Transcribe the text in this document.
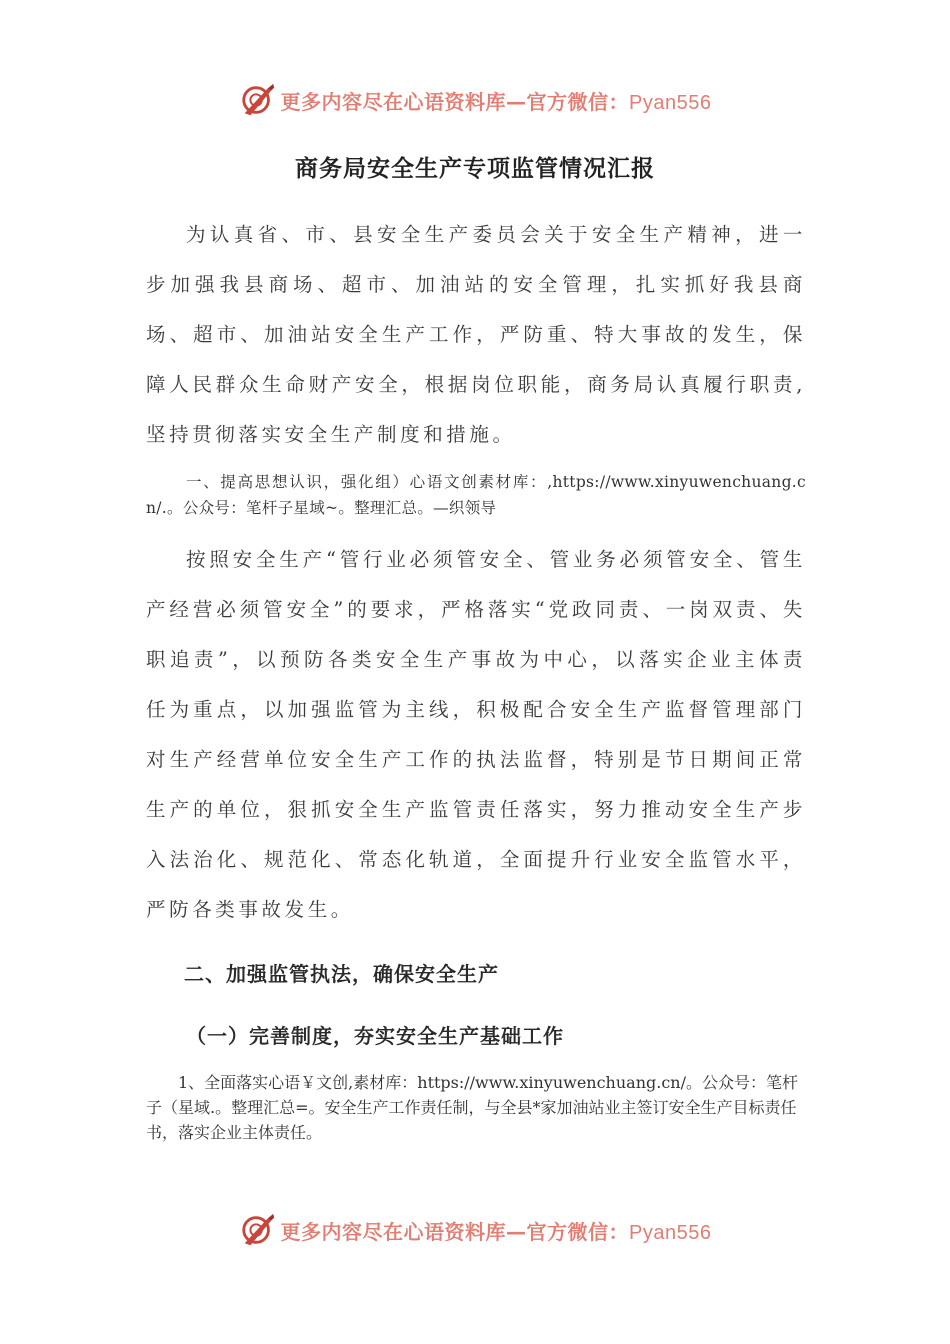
更多内容尽在心语资料库—官方微信：Pyan556
商务局安全生产专项监管情况汇报
为认真省、市、县安全生产委员会关于安全生产精神，进一步加强我县商场、超市、加油站的安全管理，扎实抓好我县商场、超市、加油站安全生产工作，严防重、特大事故的发生，保障人民群众生命财产安全，根据岗位职能，商务局认真履行职责,坚持贯彻落实安全生产制度和措施。
一、提高思想认识，强化组）心语文创素材库：,https://www.xinyuwenchuang.cn/.。公众号：笔杆子星域~。整理汇总。—织领导
按照安全生产“管行业必须管安全、管业务必须管安全、管生产经营必须管安全”的要求，严格落实“党政同责、一岗双责、失职追责”，以预防各类安全生产事故为中心，以落实企业主体责任为重点，以加强监管为主线，积极配合安全生产监督管理部门对生产经营单位安全生产工作的执法监督，特别是节日期间正常生产的单位，狠抓安全生产监管责任落实，努力推动安全生产步入法治化、规范化、常态化轨道，全面提升行业安全监管水平，严防各类事故发生。
二、加强监管执法，确保安全生产
（一）完善制度，夯实安全生产基础工作
1、全面落实心语￥文创,素材库：https://www.xinyuwenchuang.cn/。公众号：笔杆子（星域.。整理汇总=。安全生产工作责任制，与全县*家加油站业主签订安全生产目标责任书，落实企业主体责任。
更多内容尽在心语资料库—官方微信：Pyan556
